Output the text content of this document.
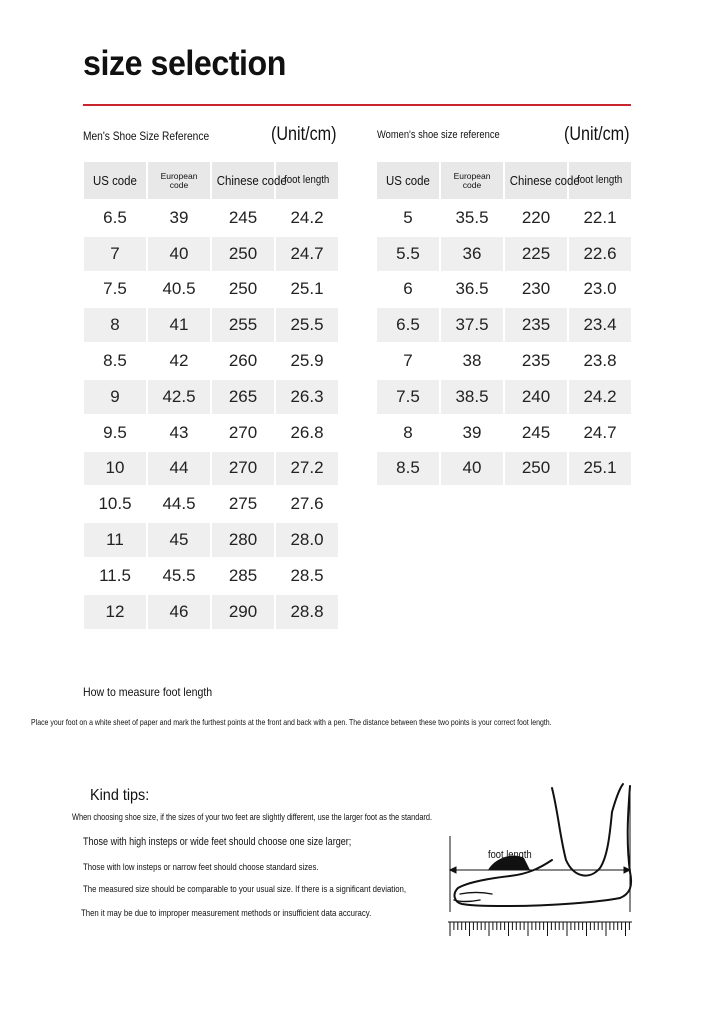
size selection
Men's Shoe Size Reference	(Unit/cm)
US code	European code	Chinese code	foot length
6.5	39	245	24.2
7	40	250	24.7
7.5	40.5	250	25.1
8	41	255	25.5
8.5	42	260	25.9
9	42.5	265	26.3
9.5	43	270	26.8
10	44	270	27.2
10.5	44.5	275	27.6
11	45	280	28.0
11.5	45.5	285	28.5
12	46	290	28.8
Women's shoe size reference	(Unit/cm)
US code	European code	Chinese code	foot length
5	35.5	220	22.1
5.5	36	225	22.6
6	36.5	230	23.0
6.5	37.5	235	23.4
7	38	235	23.8
7.5	38.5	240	24.2
8	39	245	24.7
8.5	40	250	25.1
How to measure foot length
Place your foot on a white sheet of paper and mark the furthest points at the front and back with a pen. The distance between these two points is your correct foot length.
Kind tips:
When choosing shoe size, if the sizes of your two feet are slightly different, use the larger foot as the standard.
Those with high insteps or wide feet should choose one size larger;
Those with low insteps or narrow feet should choose standard sizes.
The measured size should be comparable to your usual size. If there is a significant deviation,
Then it may be due to improper measurement methods or insufficient data accuracy.
foot length
